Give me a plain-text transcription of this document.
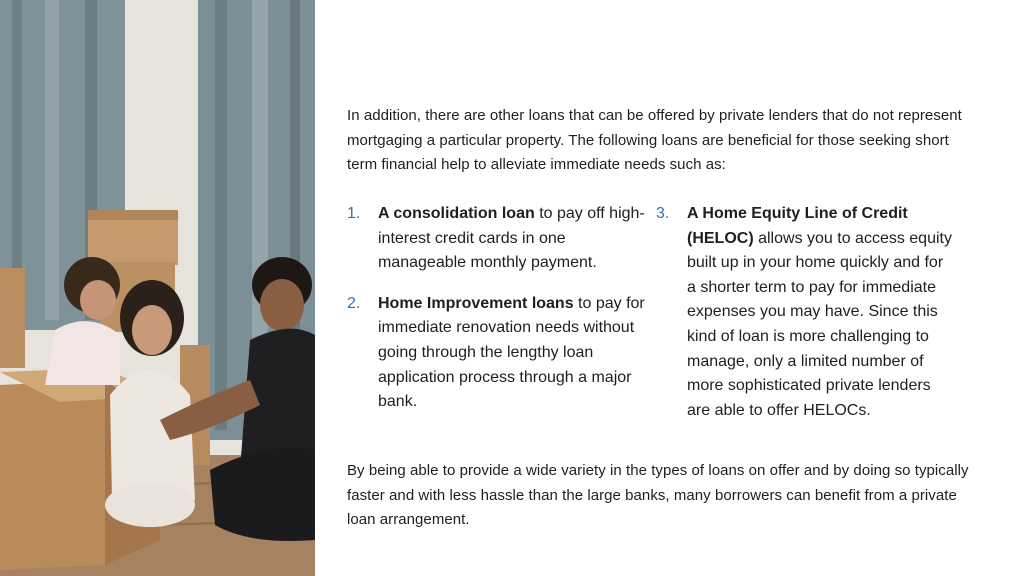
In addition, there are other loans that can be offered by private lenders that do not represent mortgaging a particular property. The following loans are beneficial for those seeking short term financial help to alleviate immediate needs such as:

1. A consolidation loan to pay off high-interest credit cards in one manageable monthly payment.
2. Home Improvement loans to pay for immediate renovation needs without going through the lengthy loan application process through a major bank.
3. A Home Equity Line of Credit (HELOC) allows you to access equity built up in your home quickly and for a shorter term to pay for immediate expenses you may have. Since this kind of loan is more challenging to manage, only a limited number of more sophisticated private lenders are able to offer HELOCs.

By being able to provide a wide variety in the types of loans on offer and by doing so typically faster and with less hassle than the large banks, many borrowers can benefit from a private loan arrangement.
